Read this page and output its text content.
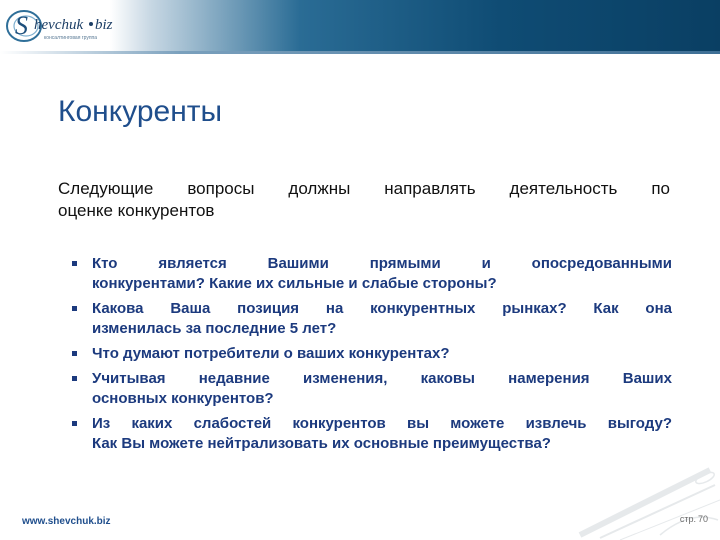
S hevchuk biz
консалтинговая группа
Конкуренты

Следующие вопросы должны направлять деятельность по
оценке конкурентов

Кто является Вашими прямыми и опосредованными
конкурентами? Какие их сильные и слабые стороны?
Какова Ваша позиция на конкурентных рынках? Как она
изменилась за последние 5 лет?
Что думают потребители о ваших конкурентах?
Учитывая недавние изменения, каковы намерения Ваших
основных конкурентов?
Из каких слабостей конкурентов вы можете извлечь выгоду?
Как Вы можете нейтрализовать их основные преимущества?
www.shevchuk.biz	стр. 70
